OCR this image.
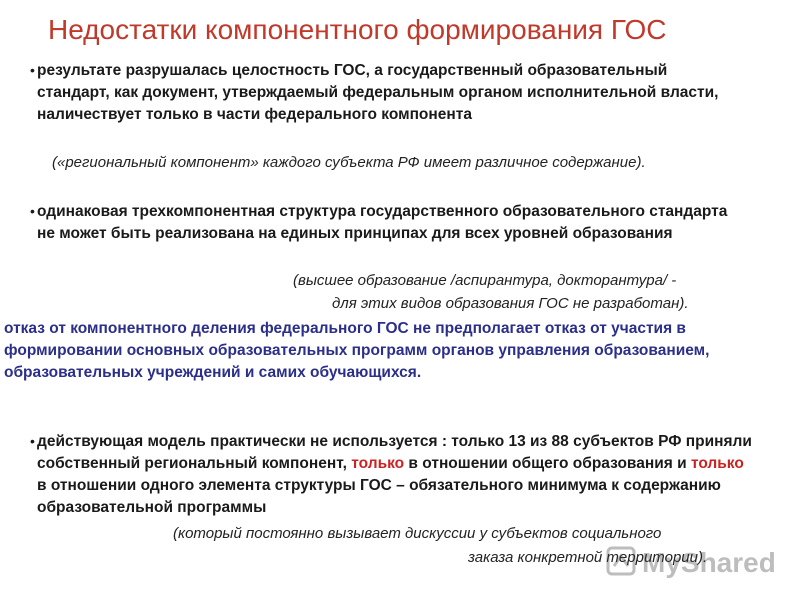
Недостатки компонентного формирования ГОС
• результате разрушалась целостность ГОС, а государственный образовательный стандарт, как документ, утверждаемый федеральным органом исполнительной власти, наличествует только в части федерального компонента
(«региональный компонент» каждого субъекта РФ имеет различное содержание).
• одинаковая трехкомпонентная структура государственного образовательного стандарта не может быть реализована на единых принципах для всех уровней образования
(высшее образование /аспирантура, докторантура/ -
для этих видов образования ГОС не разработан).
отказ от компонентного деления федерального ГОС не предполагает отказ от участия в формировании основных образовательных программ органов управления образованием, образовательных учреждений и самих обучающихся.
• действующая модель практически не используется : только 13 из 88 субъектов РФ приняли собственный региональный компонент, только в отношении общего образования и только в отношении одного элемента структуры ГОС – обязательного минимума к содержанию образовательной программы
(который постоянно вызывает дискуссии у субъектов социального
заказа конкретной территории).
MyShared
